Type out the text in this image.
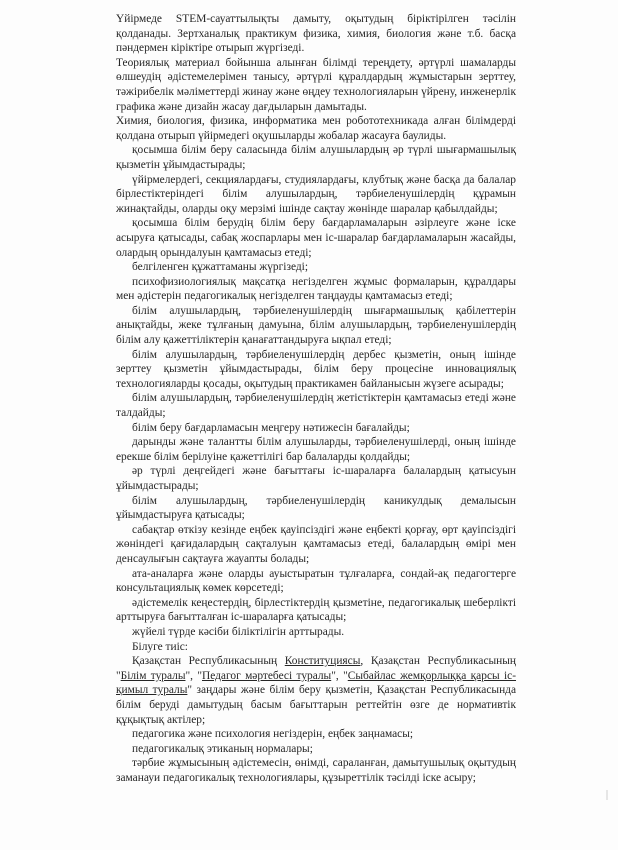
Үйірмеде STEM-сауаттылықты дамыту, оқытудың біріктірілген тәсілін қолданады. Зертханалық практикум физика, химия, биология және т.б. басқа пәндермен кіріктіре отырып жүргізеді.

Теориялық материал бойынша алынған білімді тереңдету, әртүрлі шамаларды өлшеудің әдістемелерімен танысу, әртүрлі құралдардың жұмыстарын зерттеу, тәжірибелік мәліметтерді жинау және өңдеу технологияларын үйрену, инженерлік графика және дизайн жасау дағдыларын дамытады.

Химия, биология, физика, информатика мен робототехникада алған білімдерді қолдана отырып үйірмедегі оқушыларды жобалар жасауға баулиды.

қосымша білім беру саласында білім алушылардың әр түрлі шығармашылық қызметін ұйымдастырады;

үйірмелердегі, секциялардағы, студиялардағы, клубтық және басқа да балалар бірлестіктеріндегі білім алушылардың, тәрбиеленушілердің құрамын жинақтайды, оларды оқу мерзімі ішінде сақтау жөнінде шаралар қабылдайды;

қосымша білім берудің білім беру бағдарламаларын әзірлеуге және іске асыруға қатысады, сабақ жоспарлары мен іс-шаралар бағдарламаларын жасайды, олардың орындалуын қамтамасыз етеді;

белгіленген құжаттаманы жүргізеді;

психофизиологиялық мақсатқа негізделген жұмыс формаларын, құралдары мен әдістерін педагогикалық негізделген таңдауды қамтамасыз етеді;

білім алушылардың, тәрбиеленушілердің шығармашылық қабілеттерін анықтайды, жеке тұлғаның дамуына, білім алушылардың, тәрбиеленушілердің білім алу қажеттіліктерін қанағаттандыруға ықпал етеді;

білім алушылардың, тәрбиеленушілердің дербес қызметін, оның ішінде зерттеу қызметін ұйымдастырады, білім беру процесіне инновациялық технологияларды қосады, оқытудың практикамен байланысын жүзеге асырады;

білім алушылардың, тәрбиеленушілердің жетістіктерін қамтамасыз етеді және талдайды;

білім беру бағдарламасын меңгеру нәтижесін бағалайды;

дарынды және талантты білім алушыларды, тәрбиеленушілерді, оның ішінде ерекше білім берілуіне қажеттілігі бар балаларды қолдайды;

әр түрлі деңгейдегі және бағыттағы іс-шараларға балалардың қатысуын ұйымдастырады;

білім алушылардың, тәрбиеленушілердің каникулдық демалысын ұйымдастыруға қатысады;

сабақтар өткізу кезінде еңбек қауіпсіздігі және еңбекті қорғау, өрт қауіпсіздігі жөніндегі қағидалардың сақталуын қамтамасыз етеді, балалардың өмірі мен денсаулығын сақтауға жауапты болады;

ата-аналарға және оларды ауыстыратын тұлғаларға, сондай-ақ педагогтерге консультациялық көмек көрсетеді;

әдістемелік кеңестердің, бірлестіктердің қызметіне, педагогикалық шеберлікті арттыруға бағытталған іс-шараларға қатысады;

жүйелі түрде кәсіби біліктілігін арттырады.

Білуге тиіс:

Қазақстан Республикасының Конституциясы, Қазақстан Республикасының "Білім туралы", "Педагог мәртебесі туралы", "Сыбайлас жемқорлыққа қарсы іс-қимыл туралы" заңдары және білім беру қызметін, Қазақстан Республикасында білім беруді дамытудың басым бағыттарын реттейтін өзге де нормативтік құқықтық актілер;

педагогика және психология негіздерін, еңбек заңнамасы;

педагогикалық этиканың нормалары;

тәрбие жұмысының әдістемесін, өнімді, сараланған, дамытушылық оқытудың заманауи педагогикалық технологиялары, құзыреттілік тәсілді іске асыру;
